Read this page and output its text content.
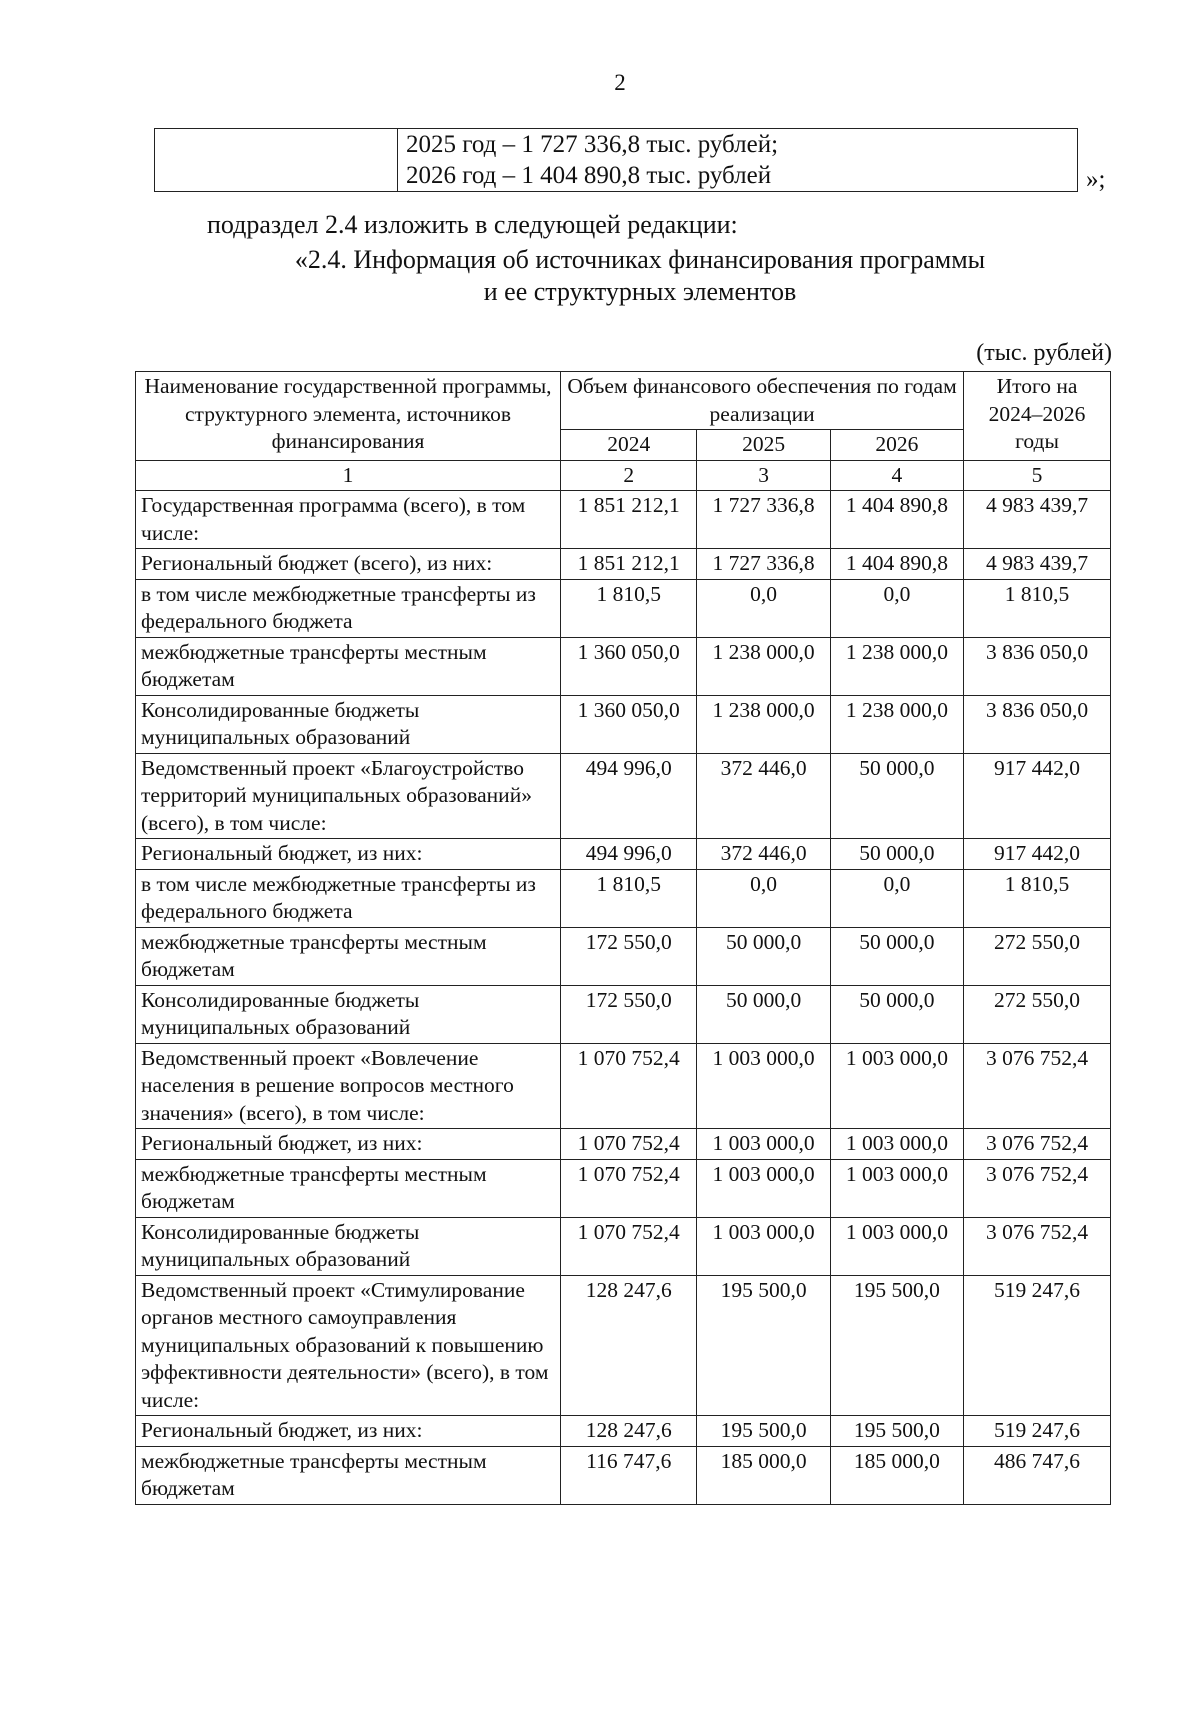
2

2025 год – 1 727 336,8 тыс. рублей;
2026 год – 1 404 890,8 тыс. рублей	»;
подраздел 2.4 изложить в следующей редакции:
«2.4. Информация об источниках финансирования программы
и ее структурных элементов
(тыс. рублей)
Наименование государственной программы, структурного элемента, источников финансирования	Объем финансового обеспечения по годам реализации			Итого на 2024–2026 годы
	2024	2025	2026	
1	2	3	4	5
Государственная программа (всего), в том числе:	1 851 212,1	1 727 336,8	1 404 890,8	4 983 439,7
Региональный бюджет (всего), из них:	1 851 212,1	1 727 336,8	1 404 890,8	4 983 439,7
в том числе межбюджетные трансферты из федерального бюджета	1 810,5	0,0	0,0	1 810,5
межбюджетные трансферты местным бюджетам	1 360 050,0	1 238 000,0	1 238 000,0	3 836 050,0
Консолидированные бюджеты муниципальных образований	1 360 050,0	1 238 000,0	1 238 000,0	3 836 050,0
Ведомственный проект «Благоустройство территорий муниципальных образований» (всего), в том числе:	494 996,0	372 446,0	50 000,0	917 442,0
Региональный бюджет, из них:	494 996,0	372 446,0	50 000,0	917 442,0
в том числе межбюджетные трансферты из федерального бюджета	1 810,5	0,0	0,0	1 810,5
межбюджетные трансферты местным бюджетам	172 550,0	50 000,0	50 000,0	272 550,0
Консолидированные бюджеты муниципальных образований	172 550,0	50 000,0	50 000,0	272 550,0
Ведомственный проект «Вовлечение населения в решение вопросов местного значения» (всего), в том числе:	1 070 752,4	1 003 000,0	1 003 000,0	3 076 752,4
Региональный бюджет, из них:	1 070 752,4	1 003 000,0	1 003 000,0	3 076 752,4
межбюджетные трансферты местным бюджетам	1 070 752,4	1 003 000,0	1 003 000,0	3 076 752,4
Консолидированные бюджеты муниципальных образований	1 070 752,4	1 003 000,0	1 003 000,0	3 076 752,4
Ведомственный проект «Стимулирование органов местного самоуправления муниципальных образований к повышению эффективности деятельности» (всего), в том числе:	128 247,6	195 500,0	195 500,0	519 247,6
Региональный бюджет, из них:	128 247,6	195 500,0	195 500,0	519 247,6
межбюджетные трансферты местным бюджетам	116 747,6	185 000,0	185 000,0	486 747,6
